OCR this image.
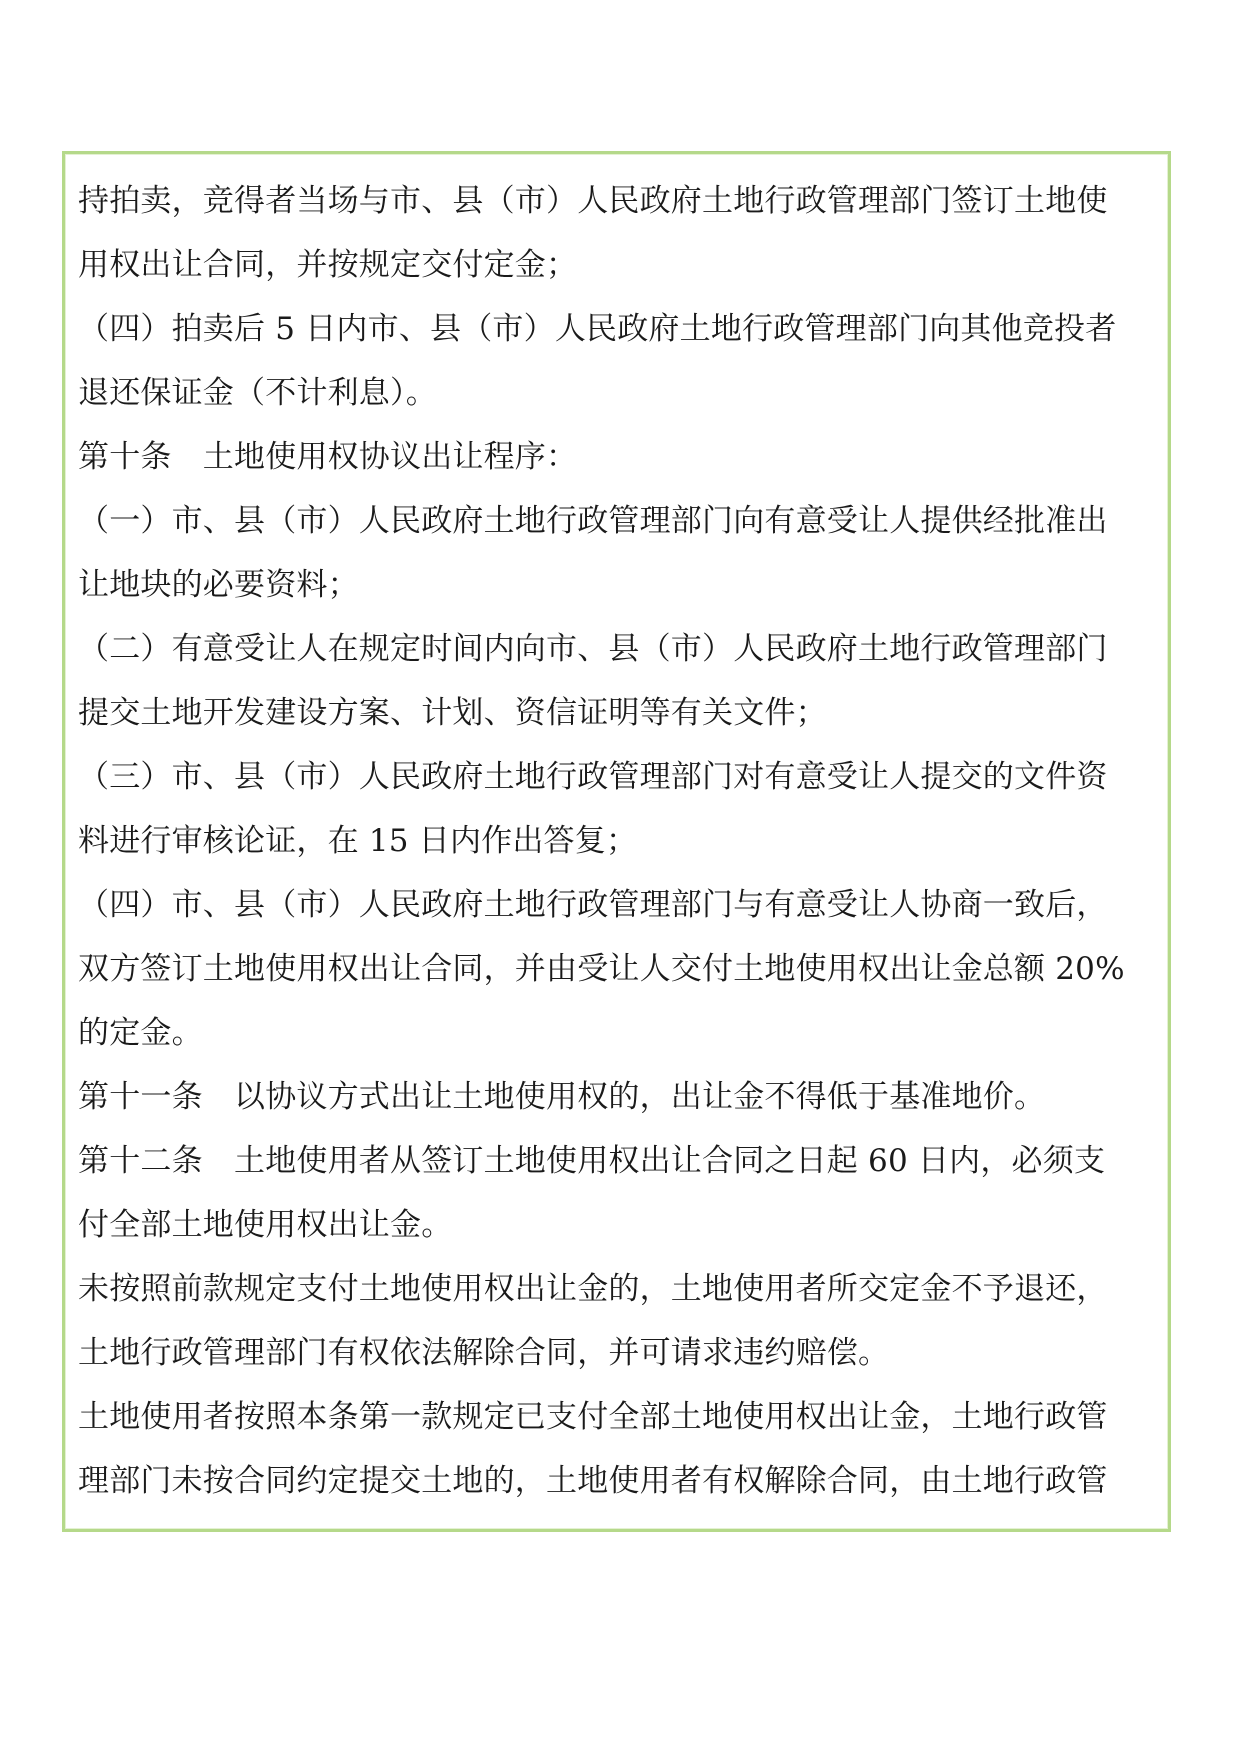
持拍卖，竞得者当场与市、县（市）人民政府土地行政管理部门签订土地使
用权出让合同，并按规定交付定金；
（四）拍卖后 5 日内市、县（市）人民政府土地行政管理部门向其他竞投者
退还保证金（不计利息）。
第十条　土地使用权协议出让程序：
（一）市、县（市）人民政府土地行政管理部门向有意受让人提供经批准出
让地块的必要资料；
（二）有意受让人在规定时间内向市、县（市）人民政府土地行政管理部门
提交土地开发建设方案、计划、资信证明等有关文件；
（三）市、县（市）人民政府土地行政管理部门对有意受让人提交的文件资
料进行审核论证，在 15 日内作出答复；
（四）市、县（市）人民政府土地行政管理部门与有意受让人协商一致后，
双方签订土地使用权出让合同，并由受让人交付土地使用权出让金总额 20%
的定金。
第十一条　以协议方式出让土地使用权的，出让金不得低于基准地价。
第十二条　土地使用者从签订土地使用权出让合同之日起 60 日内，必须支
付全部土地使用权出让金。
未按照前款规定支付土地使用权出让金的，土地使用者所交定金不予退还，
土地行政管理部门有权依法解除合同，并可请求违约赔偿。
土地使用者按照本条第一款规定已支付全部土地使用权出让金，土地行政管
理部门未按合同约定提交土地的，土地使用者有权解除合同，由土地行政管
